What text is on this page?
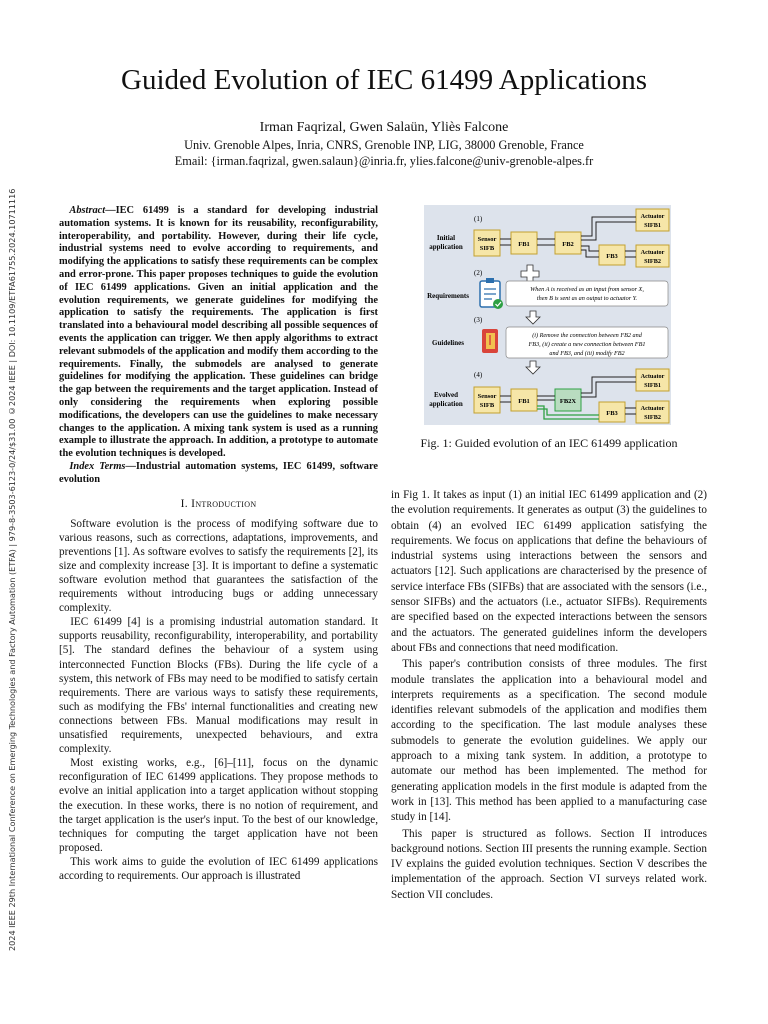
2024 IEEE 29th International Conference on Emerging Technologies and Factory Automation (ETFA) | 979-8-3503-6123-0/24/$31.00 ©2024 IEEE | DOI: 10.1109/ETFA61755.2024.10711116
Guided Evolution of IEC 61499 Applications
Irman Faqrizal, Gwen Salaün, Yliès Falcone
Univ. Grenoble Alpes, Inria, CNRS, Grenoble INP, LIG, 38000 Grenoble, France
Email: {irman.faqrizal, gwen.salaun}@inria.fr, ylies.falcone@univ-grenoble-alpes.fr

Abstract—IEC 61499 is a standard for developing industrial automation systems. It is known for its reusability, reconfigurability, interoperability, and portability. However, during their life cycle, industrial systems need to evolve according to requirements, and modifying the applications to satisfy these requirements can be complex and error-prone. This paper proposes techniques to guide the evolution of IEC 61499 applications. Given an initial application and the evolution requirements, we generate guidelines for modifying the application to satisfy the requirements. The application is first translated into a behavioural model describing all possible sequences of events the application can trigger. We then apply algorithms to extract relevant submodels of the application and modify them according to the requirements. Finally, the submodels are analysed to generate guidelines for modifying the application. These guidelines can bridge the gap between the requirements and the target application. Instead of only considering the requirements when exploring possible modifications, the developers can use the guidelines to make necessary changes to the application. A mixing tank system is used as a running example to illustrate the approach. In addition, a prototype to automate the evolution techniques is developed.

Index Terms—Industrial automation systems, IEC 61499, software evolution

I. Introduction

Software evolution is the process of modifying software due to various reasons, such as corrections, adaptations, improvements, and preventions [1]. As software evolves to satisfy the requirements [2], its size and complexity increase [3]. It is important to define a systematic software evolution method that guarantees the satisfaction of the requirements without introducing bugs or adding unnecessary complexity.

IEC 61499 [4] is a promising industrial automation standard. It supports reusability, reconfigurability, interoperability, and portability [5]. The standard defines the behaviour of a system using interconnected Function Blocks (FBs). During the life cycle of a system, this network of FBs may need to be modified to satisfy certain requirements. There are various ways to satisfy these requirements, such as modifying the FBs' internal functionalities and creating new connections between FBs. Manual modifications may result in unsatisfied requirements, unexpected behaviours, and extra complexity.

Most existing works, e.g., [6]–[11], focus on the dynamic reconfiguration of IEC 61499 applications. They propose methods to evolve an initial application into a target application without stopping the execution. In these works, there is no notion of requirement, and the target application is the user's input. To the best of our knowledge, techniques for computing the target application have not been proposed.

This work aims to guide the evolution of IEC 61499 applications according to requirements. Our approach is illustrated

(1)
Initial
application
Sensor
SIFB
FB1	FB2
FB3
Actuator
SIFB1
Actuator
SIFB2
(2)
Requirements
When A is received as an input from sensor X,
then B is sent as an output to actuator Y.
(3)
Guidelines
(i) Remove the connection between FB2 and
FB3, (ii) create a new connection between FB1
and FB3, and (iii) modify FB2
(4)
Evolved
application
Sensor
SIFB
FB1	FB2X
FB3
Actuator
SIFB1
Actuator
SIFB2
Fig. 1: Guided evolution of an IEC 61499 application

in Fig 1. It takes as input (1) an initial IEC 61499 application and (2) the evolution requirements. It generates as output (3) the guidelines to obtain (4) an evolved IEC 61499 application satisfying the requirements. We focus on applications that define the behaviours of industrial systems using interactions between the sensors and actuators [12]. Such applications are characterised by the presence of service interface FBs (SIFBs) that are associated with the sensors (i.e., sensor SIFBs) and the actuators (i.e., actuator SIFBs). Requirements are specified based on the expected interactions between the sensors and the actuators. The generated guidelines inform the developers about FBs and connections that need modification.

This paper's contribution consists of three modules. The first module translates the application into a behavioural model and interprets requirements as a specification. The second module identifies relevant submodels of the application and modifies them according to the specification. The last module analyses these submodels to generate the evolution guidelines. We apply our approach to a mixing tank system. In addition, a prototype to automate our method has been implemented. The method for generating application models in the first module is adapted from the work in [13]. This method has been applied to a manufacturing case study in [14].

This paper is structured as follows. Section II introduces background notions. Section III presents the running example. Section IV explains the guided evolution techniques. Section V describes the implementation of the approach. Section VI surveys related work. Section VII concludes.
